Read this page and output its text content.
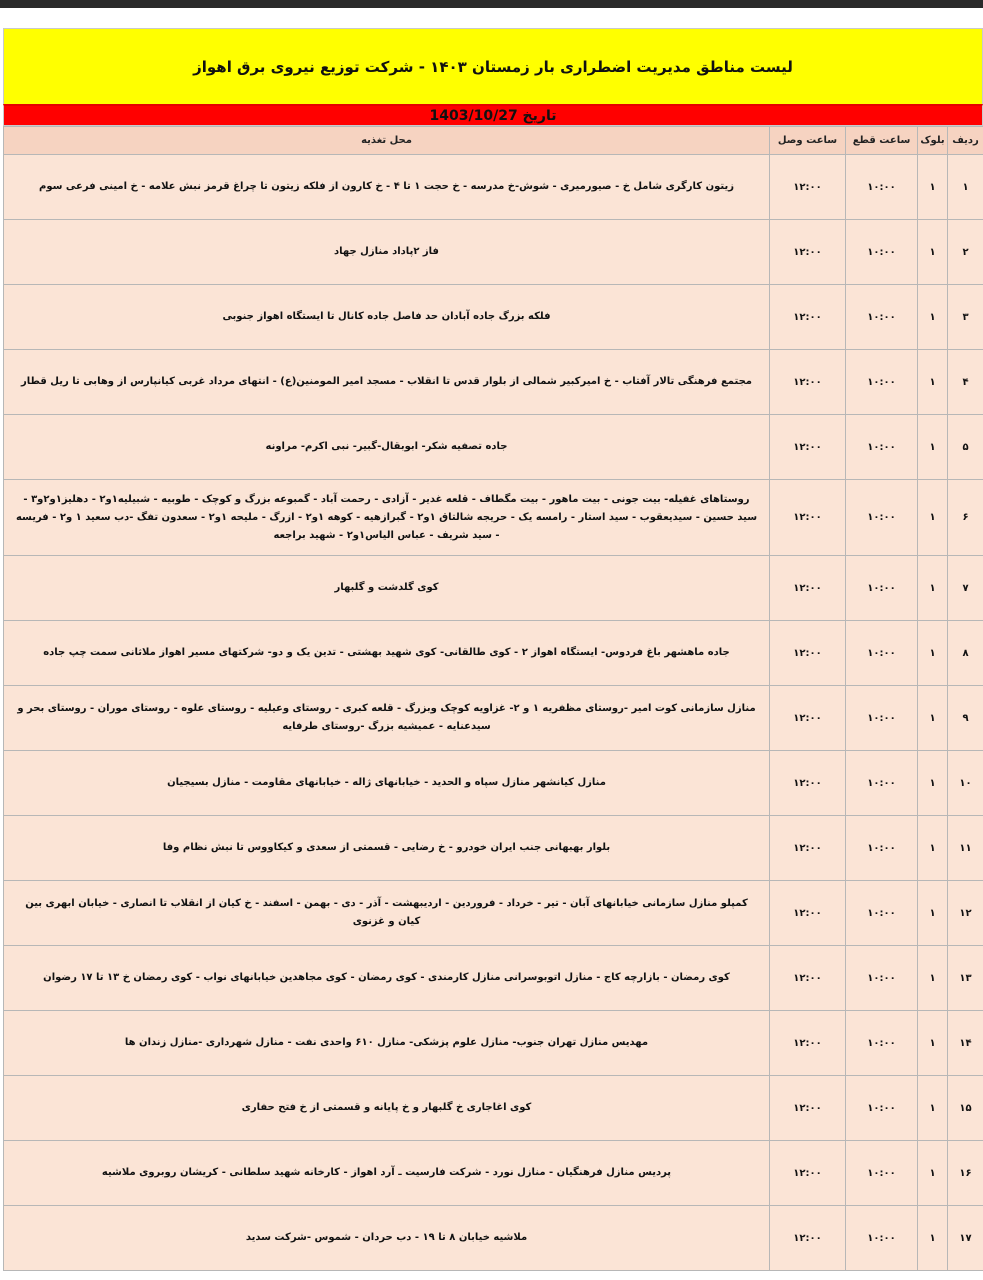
لیست مناطق مدیریت اضطراری بار زمستان ۱۴۰۳ - شرکت توزیع نیروی برق اهواز
تاریخ 1403/10/27
ردیف	بلوک	ساعت قطع	ساعت وصل	محل تغذیه
۱	۱	۱۰:۰۰	۱۲:۰۰	زیتون کارگری شامل خ - صیورمیری - شوش-خ مدرسه - خ حجت ۱ تا ۴ - خ کارون از فلکه زیتون تا چراغ قرمز نبش علامه - خ امینی فرعی سوم
۲	۱	۱۰:۰۰	۱۲:۰۰	فاز ۲پاداد منازل جهاد
۳	۱	۱۰:۰۰	۱۲:۰۰	فلکه بزرگ جاده آبادان حد فاصل جاده کانال تا ایستگاه اهواز جنوبی
۴	۱	۱۰:۰۰	۱۲:۰۰	مجتمع فرهنگی تالار آفتاب - خ امیرکبیر شمالی از بلوار قدس تا انقلاب - مسجد امیر المومنین(ع) - انتهای مرداد غربی کیانپارس از وهابی تا ریل قطار
۵	۱	۱۰:۰۰	۱۲:۰۰	جاده تصفیه شکر- ابوبقال-گبیر- نبی اکرم- مراونه
۶	۱	۱۰:۰۰	۱۲:۰۰	روستاهای غفیله- بیت جونی - بیت ماهور - بیت مگطاف - قلعه غدیر - آزادی - رحمت آباد - گمبوعه بزرگ و کوچک - طوبیه - شبیلیه۱و۲ - دهلیز۱و۲و۳ - سید حسین - سیدیعقوب - سید استار - رامسه یک - حریجه شالتاق ۱و۲ - گبرازهیه - کوهه ۱و۲ - ازرگ - ملیحه ۱و۲ - سعدون تفگ -دب سعید ۱ و۲ - فریسه - سید شریف - عباس الیاس۱و۲ - شهید براجعه
۷	۱	۱۰:۰۰	۱۲:۰۰	کوی گلدشت و گلبهار
۸	۱	۱۰:۰۰	۱۲:۰۰	جاده ماهشهر باغ فردوس- ایستگاه اهواز ۲ - کوی طالقانی- کوی شهید بهشتی - تدین یک و دو- شرکتهای مسیر اهواز ملاثانی سمت چپ جاده
۹	۱	۱۰:۰۰	۱۲:۰۰	منازل سازمانی کوت امیر -روستای مظفریه ۱ و ۲- غزاویه کوچک وبزرگ - قلعه کبری - روستای وعیلیه - روستای علوه - روستای موران - روستای بحر و سیدعنایه - عمیشیه بزرگ -روستای طرفایه
۱۰	۱	۱۰:۰۰	۱۲:۰۰	منازل کیانشهر منازل سپاه و الحدید - خیابانهای ژاله - خیابانهای مقاومت - منازل بسیجیان
۱۱	۱	۱۰:۰۰	۱۲:۰۰	بلوار بهبهانی جنب ایران خودرو - خ رضایی - قسمتی از سعدی و کیکاووس تا نبش نظام وفا
۱۲	۱	۱۰:۰۰	۱۲:۰۰	کمپلو منازل سازمانی خیابانهای آبان - تیر - خرداد - فروردین - اردیبهشت - آذر - دی - بهمن - اسفند - خ کیان از انقلاب تا انصاری - خیابان ابهری بین کیان و غزنوی
۱۳	۱	۱۰:۰۰	۱۲:۰۰	کوی رمضان - بازارچه کاج - منازل اتوبوسرانی منازل کارمندی - کوی رمضان - کوی مجاهدین خیابانهای نواب - کوی رمضان خ ۱۳ تا ۱۷ رضوان
۱۴	۱	۱۰:۰۰	۱۲:۰۰	مهدیس منازل تهران جنوب- منازل علوم پزشکی- منازل ۶۱۰ واحدی نفت - منازل شهرداری -منازل زندان ها
۱۵	۱	۱۰:۰۰	۱۲:۰۰	کوی اغاجاری خ گلبهار و خ پایانه و قسمتی از خ فتح حفاری
۱۶	۱	۱۰:۰۰	۱۲:۰۰	پردیس منازل فرهنگیان - منازل نورد - شرکت فارسیت ـ آرد اهواز - کارخانه شهید سلطانی - کریشان روبروی ملاشیه
۱۷	۱	۱۰:۰۰	۱۲:۰۰	ملاشیه خیابان ۸ تا ۱۹ - دب حردان - شموس -شرکت سدید
